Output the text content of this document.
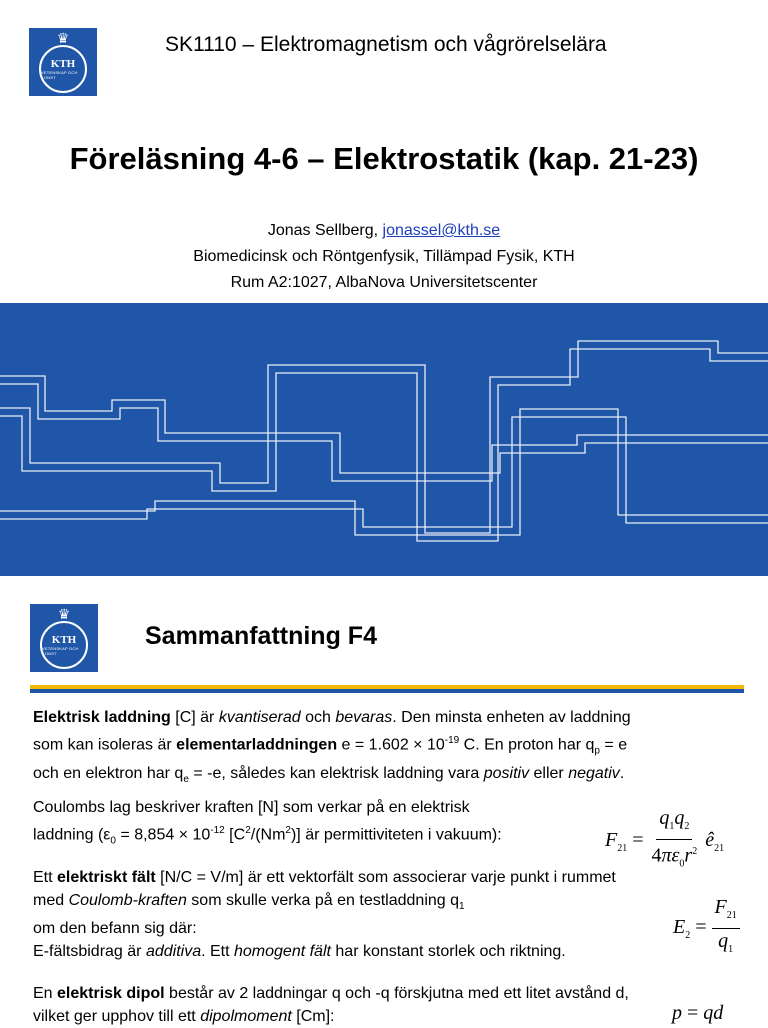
♛
KTH
VETENSKAP OCH KONST
SK1110 – Elektromagnetism och vågrörelselära
Föreläsning 4-6 – Elektrostatik (kap. 21-23)
Jonas Sellberg, jonassel@kth.se
Biomedicinsk och Röntgenfysik, Tillämpad Fysik, KTH
Rum A2:1027, AlbaNova Universitetscenter
♛
KTH
VETENSKAP OCH KONST
Sammanfattning F4
Elektrisk laddning [C] är kvantiserad och bevaras. Den minsta enheten av laddning
som kan isoleras är elementarladdningen $e = 1.602 \times 10^{-19}$ C. En proton har $q_p = e$
och en elektron har $q_e = -e$, således kan elektrisk laddning vara positiv eller negativ.
Coulombs lag beskriver kraften [N] som verkar på en elektrisk
laddning ($\varepsilon_0 = 8,854 \times 10^{-12}$ $[C^2/(Nm^2)]$ är permittiviteten i vakuum):	$F_{21} = \frac{q_1q_2}{4\pi\varepsilon_0r^2}$ $ê_{21}$
Ett elektriskt fält [N/C = V/m] är ett vektorfält som associerar varje punkt i rummet
med Coulomb-kraften som skulle verka på en testladdning $q_1$
om den befann sig där:
E-fältsbidrag är additiva. Ett homogent fält har konstant storlek och riktning.
$E_2 = \frac{F_{21}}{q_1}$
En elektrisk dipol består av 2 laddningar q och -q förskjutna med ett litet avstånd d,
vilket ger upphov till ett dipolmoment [Cm]:	p = qd
